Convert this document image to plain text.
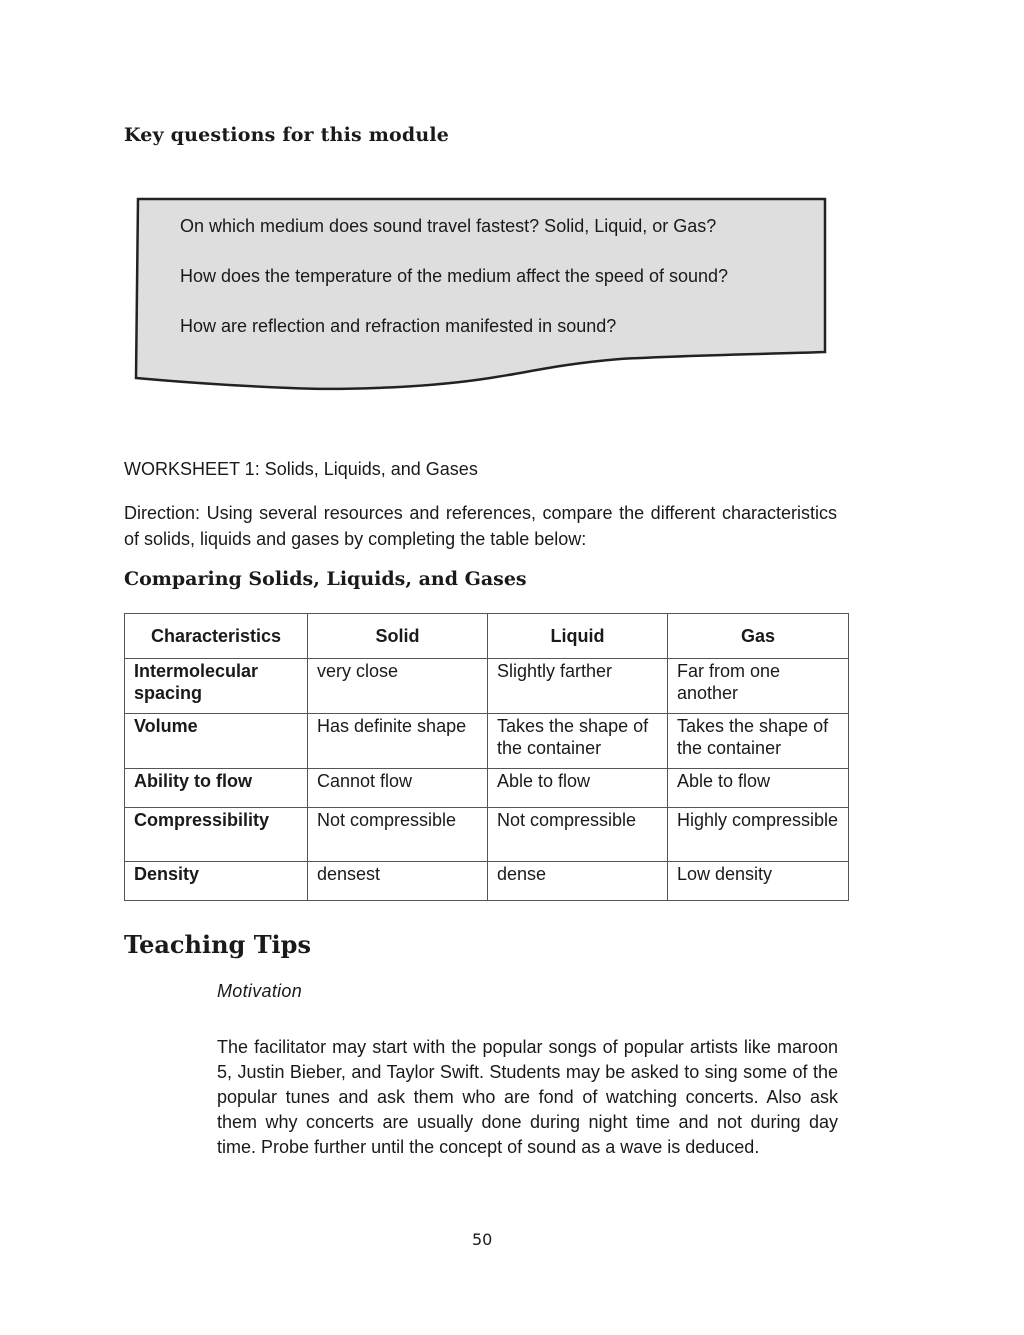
Key questions for this module
On which medium does sound travel fastest? Solid, Liquid, or Gas?
How does the temperature of the medium affect the speed of sound?
How are reflection and refraction manifested in sound?
WORKSHEET 1: Solids, Liquids, and Gases
Direction: Using several resources and references, compare the different characteristics of solids, liquids and gases by completing the table below:
Comparing Solids, Liquids, and Gases
Characteristics	Solid	Liquid	Gas
Intermolecular spacing	very close	Slightly farther	Far from one another
Volume	Has definite shape	Takes the shape of the container	Takes the shape of the container
Ability to flow	Cannot flow	Able to flow	Able to flow
Compressibility	Not compressible	Not compressible	Highly compressible
Density	densest	dense	Low density
Teaching Tips
Motivation
The facilitator may start with the popular songs of popular artists like maroon 5, Justin Bieber, and Taylor Swift. Students may be asked to sing some of the popular tunes and ask them who are fond of watching concerts. Also ask them why concerts are usually done during night time and not during day time. Probe further until the concept of sound as a wave is deduced.
50
